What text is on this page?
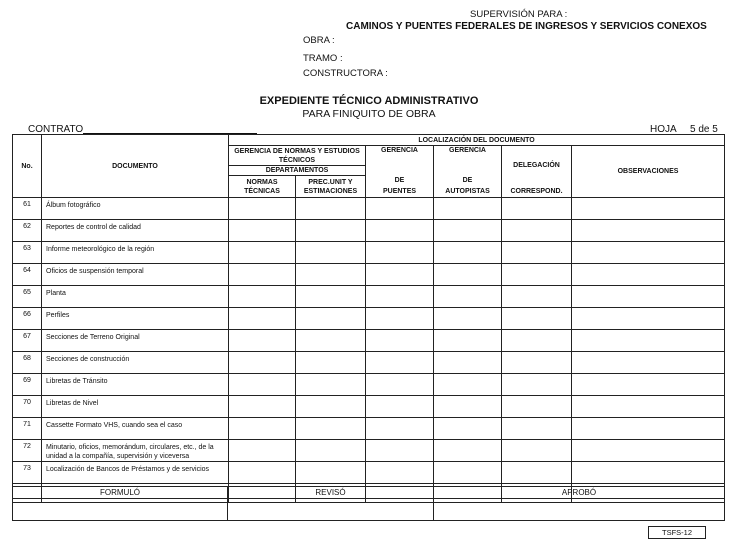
SUPERVISIÓN PARA :
CAMINOS Y PUENTES FEDERALES DE INGRESOS Y SERVICIOS CONEXOS
OBRA :
TRAMO :
CONSTRUCTORA :
EXPEDIENTE TÉCNICO ADMINISTRATIVO
PARA FINIQUITO DE OBRA
CONTRATO	HOJA 5 de 5
No.	DOCUMENTO	LOCALIZACIÓN DEL DOCUMENTO					
		GERENCIA DE NORMAS Y ESTUDIOS TÉCNICOS		GERENCIA	GERENCIA	DELEGACIÓN	OBSERVACIONES
		DEPARTAMENTOS					
		NORMAS TÉCNICAS	PREC.UNIT Y ESTIMACIONES	DE	DE		
				PUENTES	AUTOPISTAS	CORRESPOND.	
61	Álbum fotográfico						
62	Reportes de control de calidad						
63	Informe meteorológico de la región						
64	Oficios de suspensión temporal						
65	Planta						
66	Perfiles						
67	Secciones de Terreno Original						
68	Secciones de construcción						
69	Libretas de Tránsito						
70	Libretas de Nivel						
71	Cassette Formato VHS, cuando sea el caso						
72	Minutario, oficios, memorándum, circulares, etc., de la unidad a la compañía, supervisión y viceversa						
73	Localización de Bancos de Préstamos y de servicios						

FORMULÓ	REVISÓ	APROBÓ

TSFS-12
